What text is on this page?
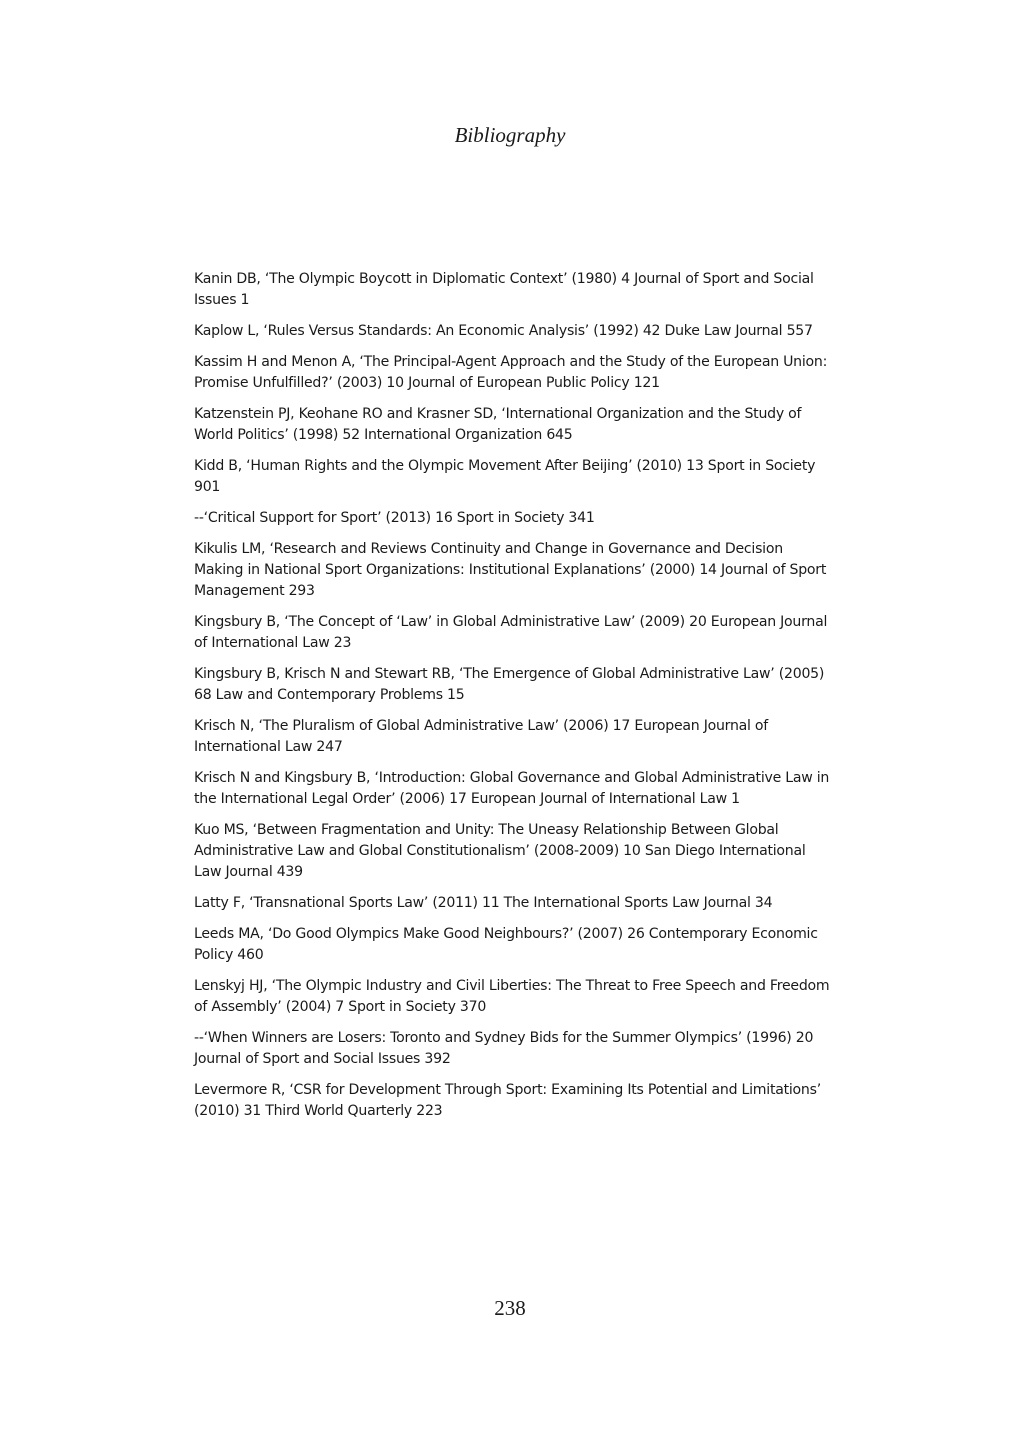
Bibliography

Kanin DB, ‘The Olympic Boycott in Diplomatic Context’ (1980) 4 Journal of Sport and Social Issues 1

Kaplow L, ‘Rules Versus Standards: An Economic Analysis’ (1992) 42 Duke Law Journal 557

Kassim H and Menon A, ‘The Principal-Agent Approach and the Study of the European Union: Promise Unfulfilled?’ (2003) 10 Journal of European Public Policy 121

Katzenstein PJ, Keohane RO and Krasner SD, ‘International Organization and the Study of World Politics’ (1998) 52 International Organization 645

Kidd B, ‘Human Rights and the Olympic Movement After Beijing’ (2010) 13 Sport in Society 901

--‘Critical Support for Sport’ (2013) 16 Sport in Society 341

Kikulis LM, ‘Research and Reviews Continuity and Change in Governance and Decision Making in National Sport Organizations: Institutional Explanations’ (2000) 14 Journal of Sport Management 293

Kingsbury B, ‘The Concept of ‘Law’ in Global Administrative Law’ (2009) 20 European Journal of International Law 23

Kingsbury B, Krisch N and Stewart RB, ‘The Emergence of Global Administrative Law’ (2005) 68 Law and Contemporary Problems 15

Krisch N, ‘The Pluralism of Global Administrative Law’ (2006) 17 European Journal of International Law 247

Krisch N and Kingsbury B, ‘Introduction: Global Governance and Global Administrative Law in the International Legal Order’ (2006) 17 European Journal of International Law 1

Kuo MS, ‘Between Fragmentation and Unity: The Uneasy Relationship Between Global Administrative Law and Global Constitutionalism’ (2008-2009) 10 San Diego International Law Journal 439

Latty F, ‘Transnational Sports Law’ (2011) 11 The International Sports Law Journal 34

Leeds MA, ‘Do Good Olympics Make Good Neighbours?’ (2007) 26 Contemporary Economic Policy 460

Lenskyj HJ, ‘The Olympic Industry and Civil Liberties: The Threat to Free Speech and Freedom of Assembly’ (2004) 7 Sport in Society 370

--‘When Winners are Losers: Toronto and Sydney Bids for the Summer Olympics’ (1996) 20 Journal of Sport and Social Issues 392

Levermore R, ‘CSR for Development Through Sport: Examining Its Potential and Limitations’ (2010) 31 Third World Quarterly 223

238
